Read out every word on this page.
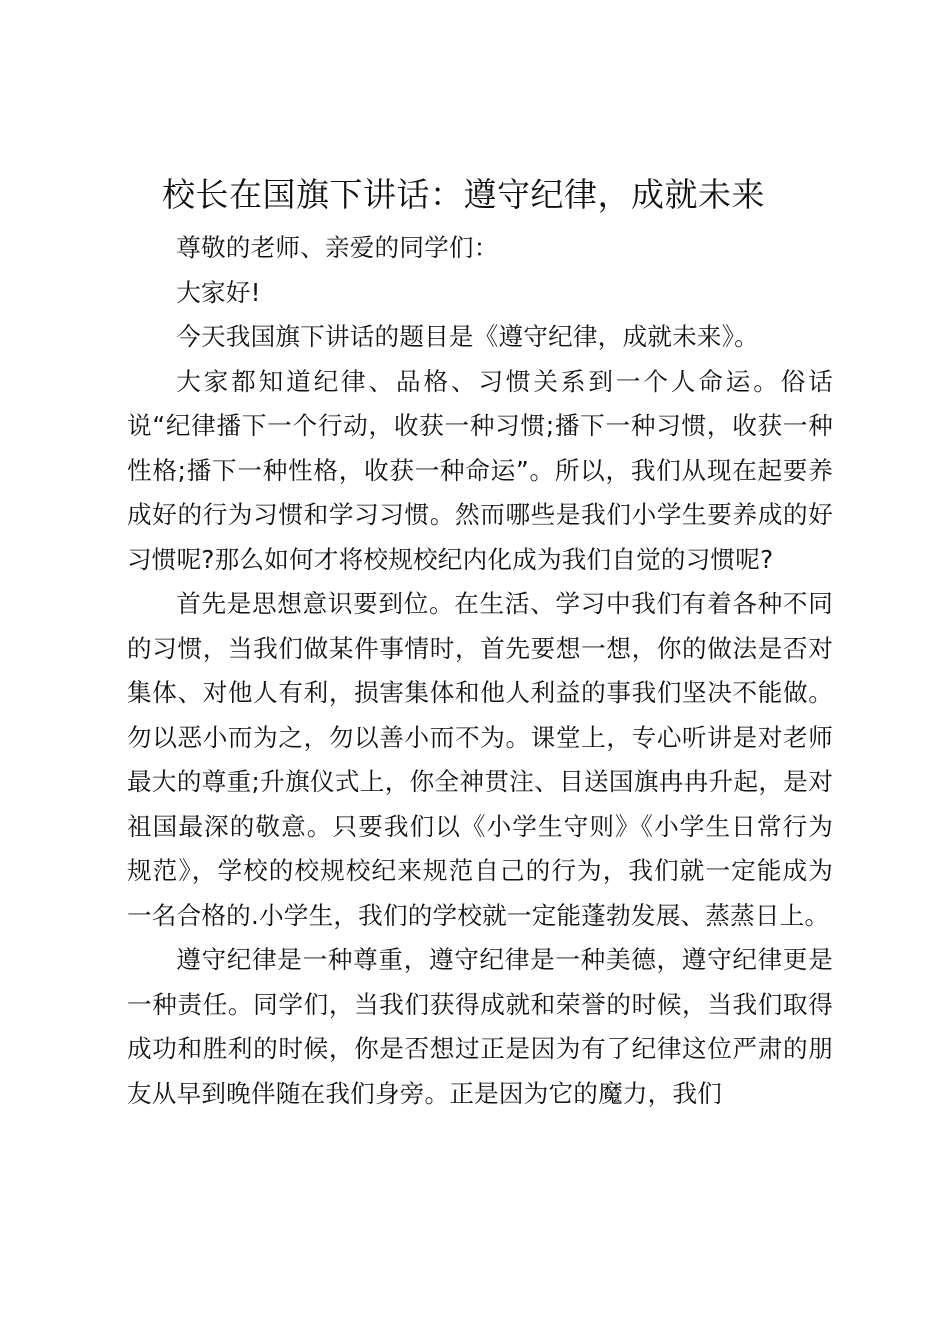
校长在国旗下讲话：遵守纪律，成就未来

尊敬的老师、亲爱的同学们：

大家好!

今天我国旗下讲话的题目是《遵守纪律，成就未来》。

大家都知道纪律、品格、习惯关系到一个人命运。俗话说“纪律播下一个行动，收获一种习惯;播下一种习惯，收获一种性格;播下一种性格，收获一种命运”。所以，我们从现在起要养成好的行为习惯和学习习惯。然而哪些是我们小学生要养成的好习惯呢?那么如何才将校规校纪内化成为我们自觉的习惯呢?

首先是思想意识要到位。在生活、学习中我们有着各种不同的习惯，当我们做某件事情时，首先要想一想，你的做法是否对集体、对他人有利，损害集体和他人利益的事我们坚决不能做。勿以恶小而为之，勿以善小而不为。课堂上，专心听讲是对老师最大的尊重;升旗仪式上，你全神贯注、目送国旗冉冉升起，是对祖国最深的敬意。只要我们以《小学生守则》《小学生日常行为规范》，学校的校规校纪来规范自己的行为，我们就一定能成为一名合格的.小学生，我们的学校就一定能蓬勃发展、蒸蒸日上。

遵守纪律是一种尊重，遵守纪律是一种美德，遵守纪律更是一种责任。同学们，当我们获得成就和荣誉的时候，当我们取得成功和胜利的时候，你是否想过正是因为有了纪律这位严肃的朋友从早到晚伴随在我们身旁。正是因为它的魔力，我们
